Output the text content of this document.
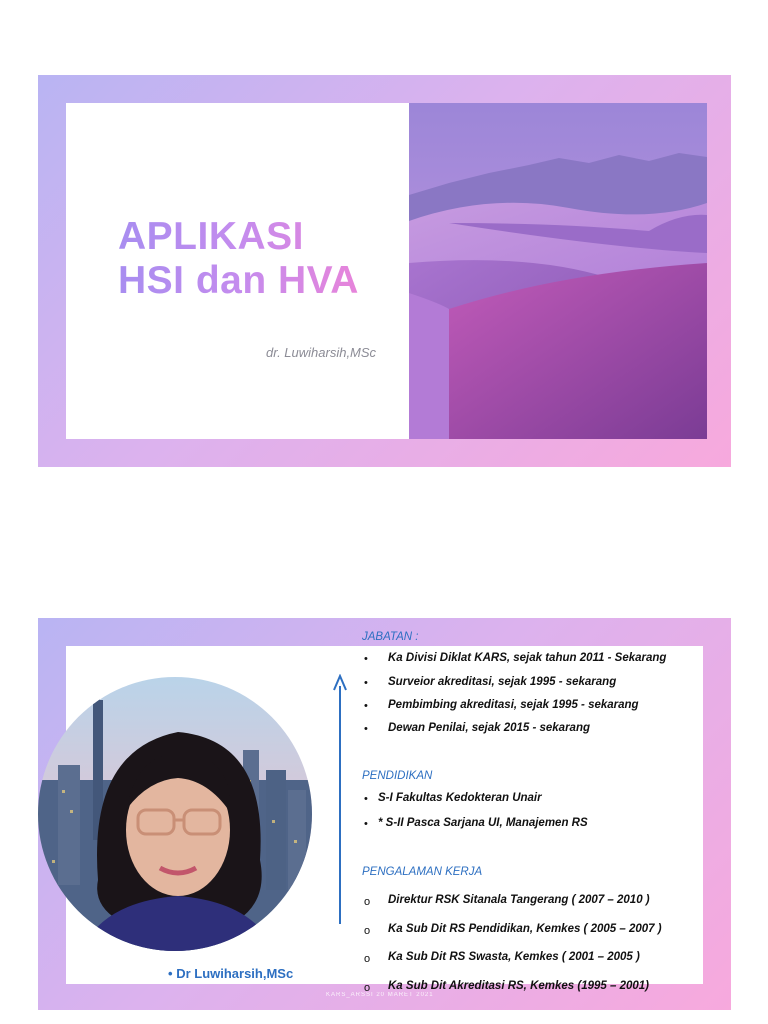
APLIKASI
HSI dan HVA
dr. Luwiharsih,MSc
JABATAN :
• Ka Divisi Diklat KARS, sejak tahun 2011 - Sekarang
• Surveior akreditasi, sejak 1995 - sekarang
• Pembimbing akreditasi, sejak 1995 - sekarang
• Dewan Penilai, sejak 2015 - sekarang
PENDIDIKAN
• S-I Fakultas Kedokteran Unair
• * S-II Pasca Sarjana UI, Manajemen RS
PENGALAMAN KERJA
o Direktur RSK Sitanala Tangerang ( 2007 – 2010 )
o Ka Sub Dit RS Pendidikan, Kemkes ( 2005 – 2007 )
o Ka Sub Dit RS Swasta, Kemkes ( 2001 – 2005 )
o Ka Sub Dit Akreditasi RS, Kemkes (1995 – 2001)
• Dr Luwiharsih,MSc
KARS_ARSSI 20 MARET 2021
